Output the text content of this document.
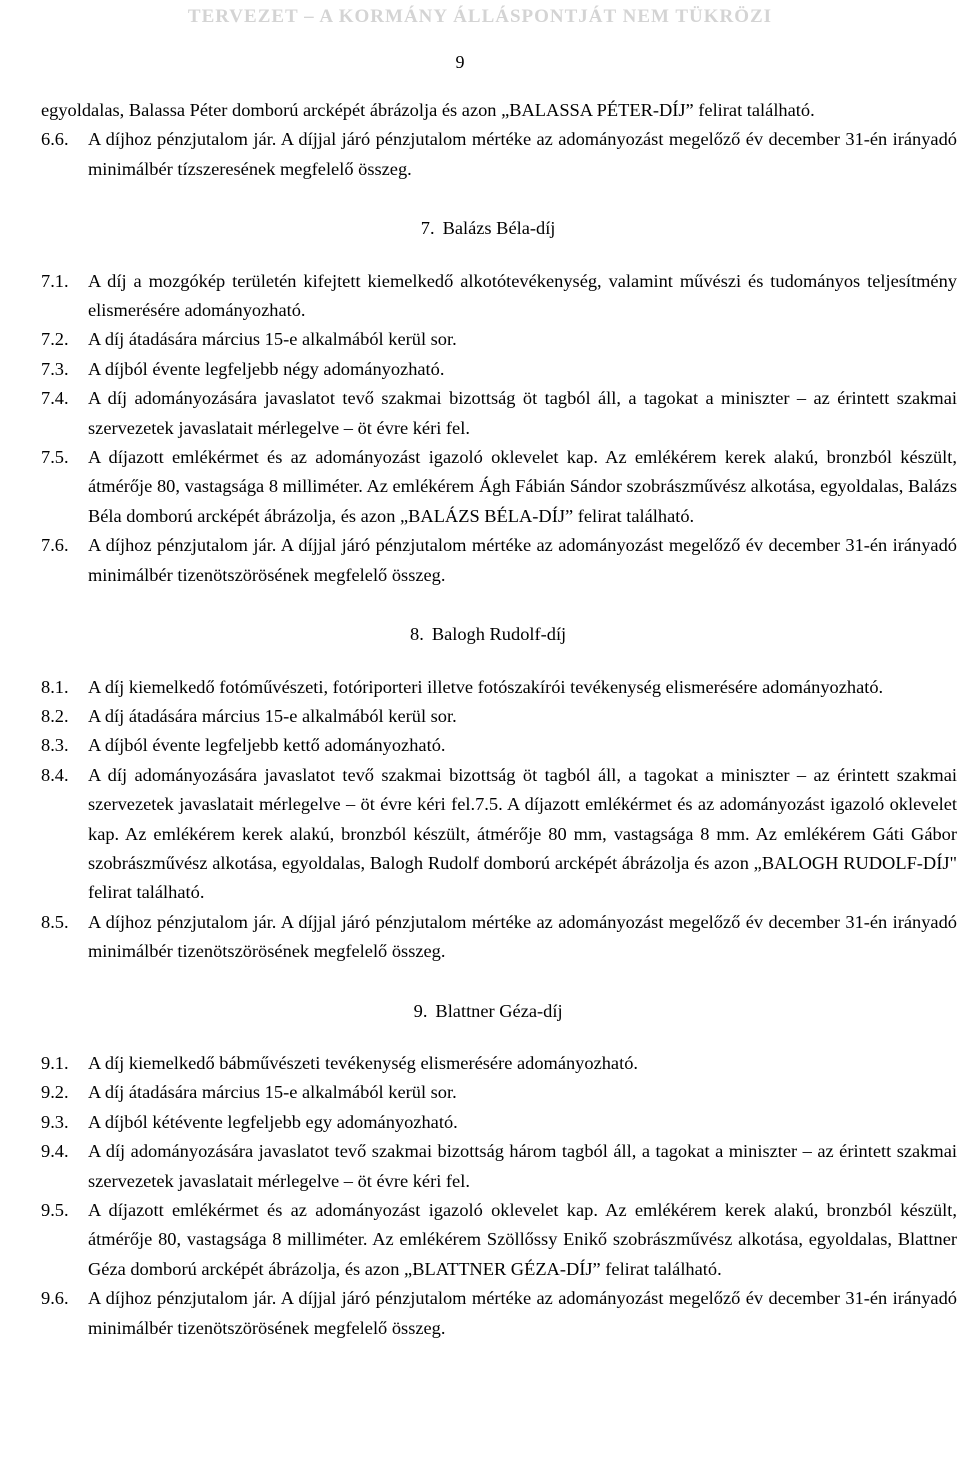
TERVEZET – A KORMÁNY ÁLLÁSPONTJÁT NEM TÜKRÖZI
9
egyoldalas, Balassa Péter domború arcképét ábrázolja és azon „BALASSA PÉTER-DÍJ” felirat található.
6.6.	A díjhoz pénzjutalom jár. A díjjal járó pénzjutalom mértéke az adományozást megelőző év december 31-én irányadó minimálbér tízszeresének megfelelő összeg.
7. Balázs Béla-díj
7.1.	A díj a mozgókép területén kifejtett kiemelkedő alkotótevékenység, valamint művészi és tudományos teljesítmény elismerésére adományozható.
7.2.	A díj átadására március 15-e alkalmából kerül sor.
7.3.	A díjból évente legfeljebb négy adományozható.
7.4.	A díj adományozására javaslatot tevő szakmai bizottság öt tagból áll, a tagokat a miniszter – az érintett szakmai szervezetek javaslatait mérlegelve – öt évre kéri fel.
7.5.	A díjazott emlékérmet és az adományozást igazoló oklevelet kap. Az emlékérem kerek alakú, bronzból készült, átmérője 80, vastagsága 8 milliméter. Az emlékérem Ágh Fábián Sándor szobrászművész alkotása, egyoldalas, Balázs Béla domború arcképét ábrázolja, és azon „BALÁZS BÉLA-DÍJ” felirat található.
7.6.	A díjhoz pénzjutalom jár. A díjjal járó pénzjutalom mértéke az adományozást megelőző év december 31-én irányadó minimálbér tizenötszörösének megfelelő összeg.
8. Balogh Rudolf-díj
8.1.	A díj kiemelkedő fotóművészeti, fotóriporteri illetve fotószakírói tevékenység elismerésére adományozható.
8.2.	A díj átadására március 15-e alkalmából kerül sor.
8.3.	A díjból évente legfeljebb kettő adományozható.
8.4.	A díj adományozására javaslatot tevő szakmai bizottság öt tagból áll, a tagokat a miniszter – az érintett szakmai szervezetek javaslatait mérlegelve – öt évre kéri fel.7.5. A díjazott emlékérmet és az adományozást igazoló oklevelet kap. Az emlékérem kerek alakú, bronzból készült, átmérője 80 mm, vastagsága 8 mm. Az emlékérem Gáti Gábor szobrászművész alkotása, egyoldalas, Balogh Rudolf domború arcképét ábrázolja és azon „BALOGH RUDOLF-DÍJ" felirat található.
8.5.	A díjhoz pénzjutalom jár. A díjjal járó pénzjutalom mértéke az adományozást megelőző év december 31-én irányadó minimálbér tizenötszörösének megfelelő összeg.
9. Blattner Géza-díj
9.1.	A díj kiemelkedő bábművészeti tevékenység elismerésére adományozható.
9.2.	A díj átadására március 15-e alkalmából kerül sor.
9.3.	A díjból kétévente legfeljebb egy adományozható.
9.4.	A díj adományozására javaslatot tevő szakmai bizottság három tagból áll, a tagokat a miniszter – az érintett szakmai szervezetek javaslatait mérlegelve – öt évre kéri fel.
9.5.	A díjazott emlékérmet és az adományozást igazoló oklevelet kap. Az emlékérem kerek alakú, bronzból készült, átmérője 80, vastagsága 8 milliméter. Az emlékérem Szöllőssy Enikő szobrászművész alkotása, egyoldalas, Blattner Géza domború arcképét ábrázolja, és azon „BLATTNER GÉZA-DÍJ” felirat található.
9.6.	A díjhoz pénzjutalom jár. A díjjal járó pénzjutalom mértéke az adományozást megelőző év december 31-én irányadó minimálbér tizenötszörösének megfelelő összeg.
